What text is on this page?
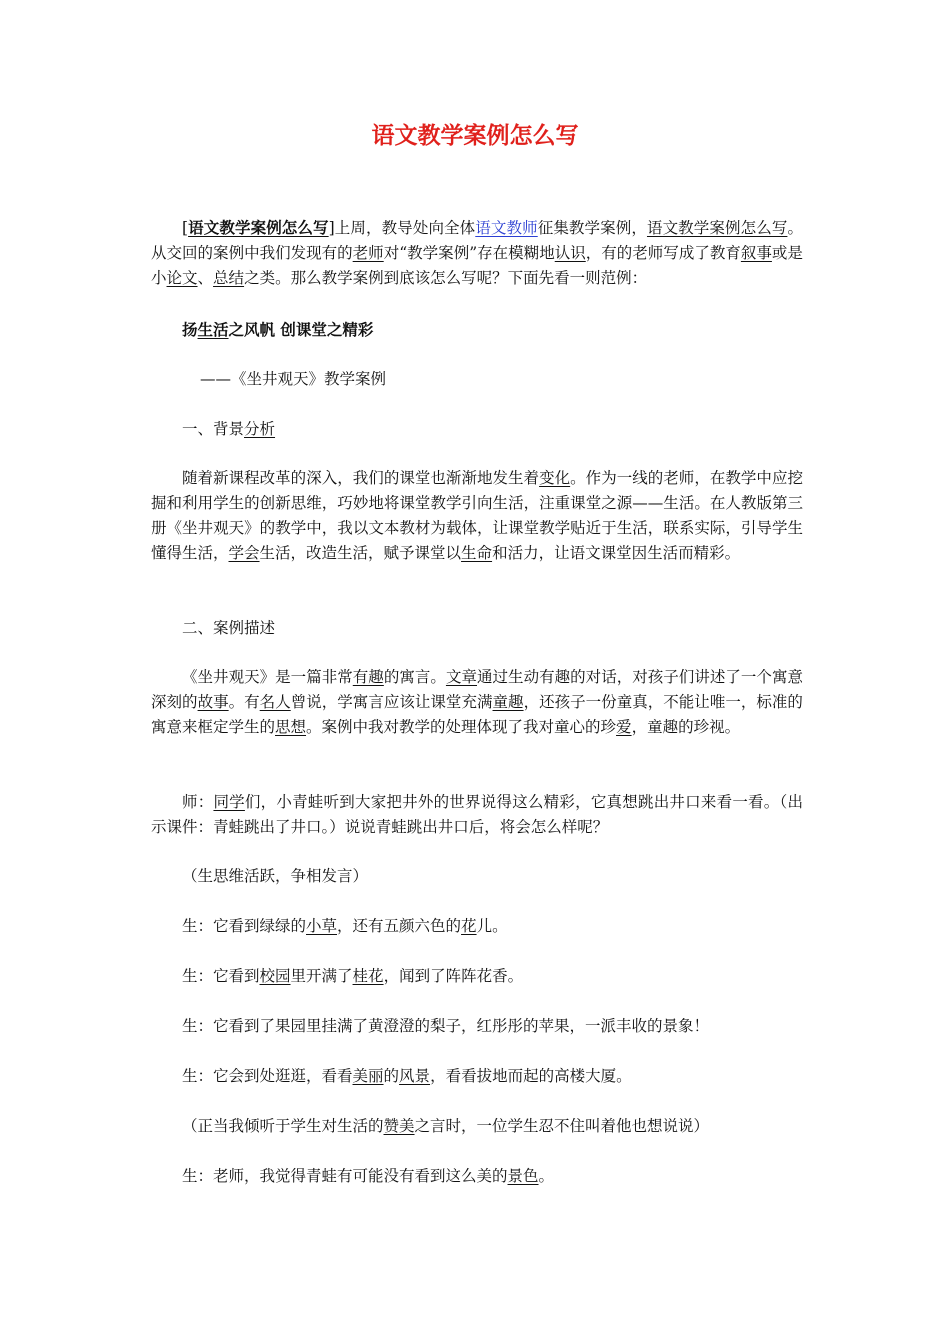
语文教学案例怎么写

[语文教学案例怎么写]上周，教导处向全体语文教师征集教学案例，语文教学案例怎么写。从交回的案例中我们发现有的老师对“教学案例”存在模糊地认识，有的老师写成了教育叙事或是小论文、总结之类。那么教学案例到底该怎么写呢？下面先看一则范例：

扬生活之风帆 创课堂之精彩

——《坐井观天》教学案例

一、背景分析

随着新课程改革的深入，我们的课堂也渐渐地发生着变化。作为一线的老师，在教学中应挖掘和利用学生的创新思维，巧妙地将课堂教学引向生活，注重课堂之源——生活。在人教版第三册《坐井观天》的教学中，我以文本教材为载体，让课堂教学贴近于生活，联系实际，引导学生懂得生活，学会生活，改造生活，赋予课堂以生命和活力，让语文课堂因生活而精彩。

二、案例描述

《坐井观天》是一篇非常有趣的寓言。文章通过生动有趣的对话，对孩子们讲述了一个寓意深刻的故事。有名人曾说，学寓言应该让课堂充满童趣，还孩子一份童真，不能让唯一，标准的寓意来框定学生的思想。案例中我对教学的处理体现了我对童心的珍爱，童趣的珍视。

师：同学们，小青蛙听到大家把井外的世界说得这么精彩，它真想跳出井口来看一看。（出示课件：青蛙跳出了井口。）说说青蛙跳出井口后，将会怎么样呢？

（生思维活跃，争相发言）

生：它看到绿绿的小草，还有五颜六色的花儿。

生：它看到校园里开满了桂花，闻到了阵阵花香。

生：它看到了果园里挂满了黄澄澄的梨子，红彤彤的苹果，一派丰收的景象！

生：它会到处逛逛，看看美丽的风景，看看拔地而起的高楼大厦。

（正当我倾听于学生对生活的赞美之言时，一位学生忍不住叫着他也想说说）

生：老师，我觉得青蛙有可能没有看到这么美的景色。
